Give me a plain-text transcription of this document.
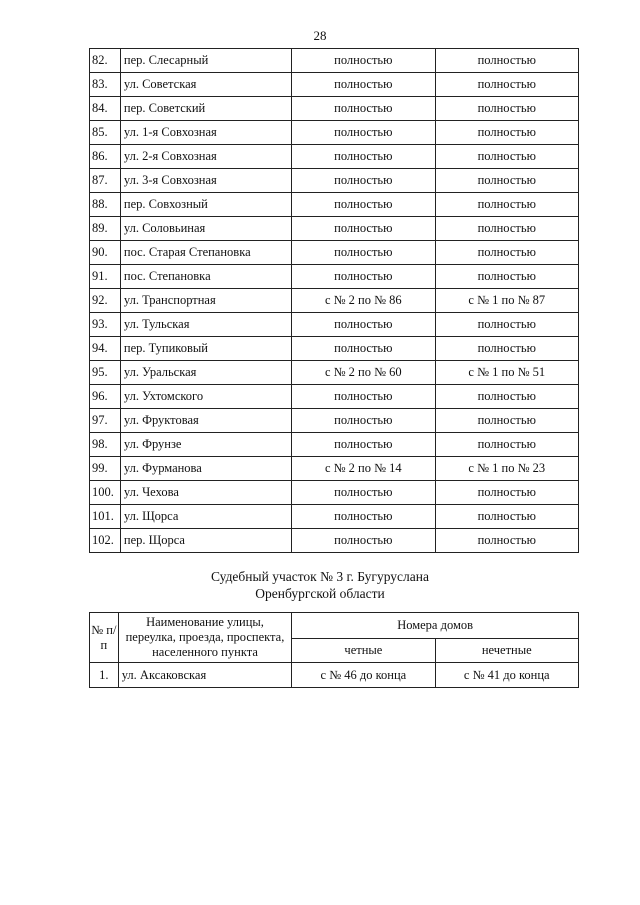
28
82.	пер. Слесарный	полностью	полностью
83.	ул. Советская	полностью	полностью
84.	пер. Советский	полностью	полностью
85.	ул. 1-я Совхозная	полностью	полностью
86.	ул. 2-я Совхозная	полностью	полностью
87.	ул. 3-я Совхозная	полностью	полностью
88.	пер. Совхозный	полностью	полностью
89.	ул. Соловьиная	полностью	полностью
90.	пос. Старая Степановка	полностью	полностью
91.	пос. Степановка	полностью	полностью
92.	ул. Транспортная	с № 2 по № 86	с № 1 по № 87
93.	ул. Тульская	полностью	полностью
94.	пер. Тупиковый	полностью	полностью
95.	ул. Уральская	с № 2 по № 60	с № 1 по № 51
96.	ул. Ухтомского	полностью	полностью
97.	ул. Фруктовая	полностью	полностью
98.	ул. Фрунзе	полностью	полностью
99.	ул. Фурманова	с № 2 по № 14	с № 1 по № 23
100.	ул. Чехова	полностью	полностью
101.	ул. Щорса	полностью	полностью
102.	пер. Щорса	полностью	полностью
Судебный участок № 3 г. Бугуруслана
Оренбургской области
№ п/п	Наименование улицы, переулка, проезда, проспекта, населенного пункта	Номера домов	
		четные	нечетные
1.	ул. Аксаковская	с № 46 до конца	с № 41 до конца
